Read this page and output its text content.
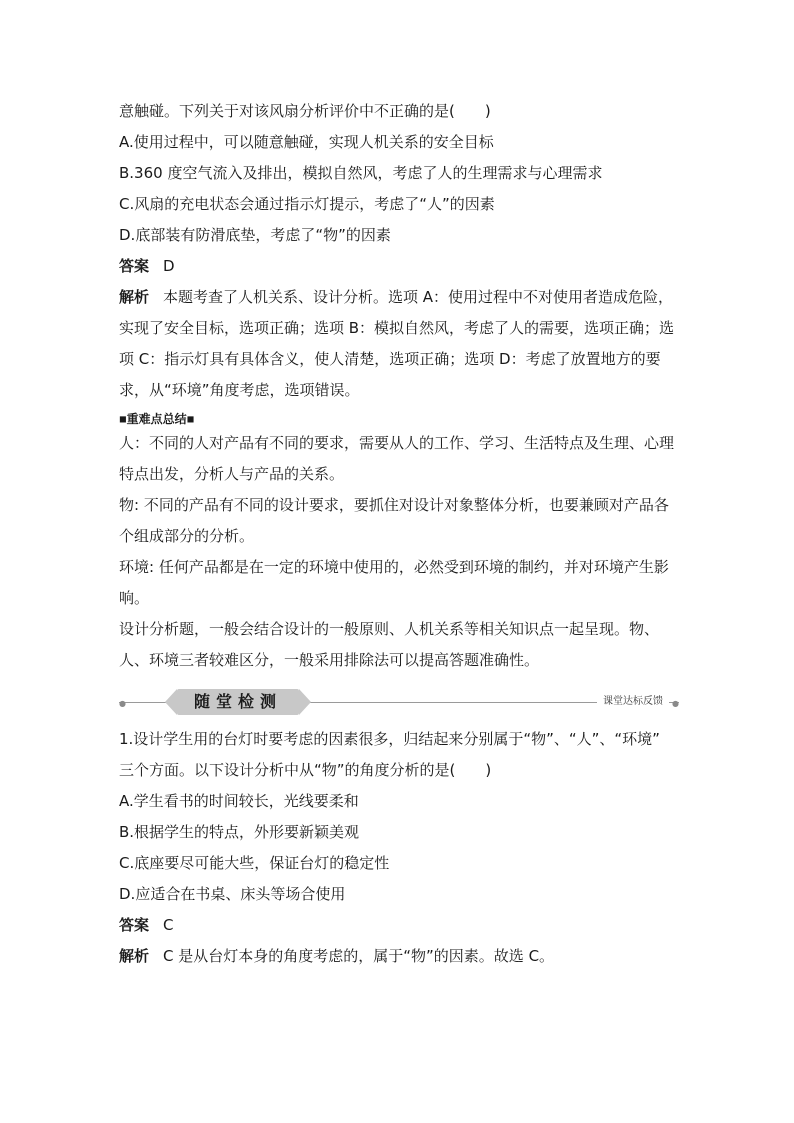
意触碰。下列关于对该风扇分析评价中不正确的是(　　)
A.使用过程中，可以随意触碰，实现人机关系的安全目标
B.360 度空气流入及排出，模拟自然风，考虑了人的生理需求与心理需求
C.风扇的充电状态会通过指示灯提示，考虑了“人”的因素
D.底部装有防滑底垫，考虑了“物”的因素
答案 D
解析 本题考查了人机关系、设计分析。选项 A：使用过程中不对使用者造成危险，实现了安全目标，选项正确；选项 B：模拟自然风，考虑了人的需要，选项正确；选项 C：指示灯具有具体含义，使人清楚，选项正确；选项 D：考虑了放置地方的要求，从“环境”角度考虑，选项错误。
■重难点总结■
人：不同的人对产品有不同的要求，需要从人的工作、学习、生活特点及生理、心理特点出发，分析人与产品的关系。
物: 不同的产品有不同的设计要求，要抓住对设计对象整体分析，也要兼顾对产品各个组成部分的分析。
环境: 任何产品都是在一定的环境中使用的，必然受到环境的制约，并对环境产生影响。
设计分析题，一般会结合设计的一般原则、人机关系等相关知识点一起呈现。物、人、环境三者较难区分，一般采用排除法可以提高答题准确性。
●	●
随堂检测	课堂达标反馈
1.设计学生用的台灯时要考虑的因素很多，归结起来分别属于“物”、“人”、“环境” 三个方面。以下设计分析中从“物”的角度分析的是(　　)
A.学生看书的时间较长，光线要柔和
B.根据学生的特点，外形要新颖美观
C.底座要尽可能大些，保证台灯的稳定性
D.应适合在书桌、床头等场合使用
答案 C
解析 C 是从台灯本身的角度考虑的，属于“物”的因素。故选 C。
